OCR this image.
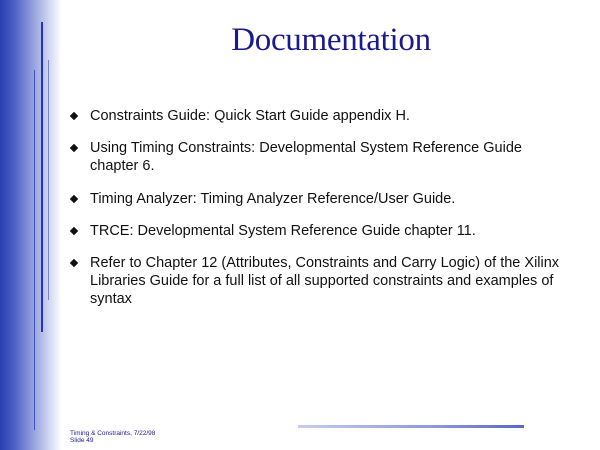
Documentation
Constraints Guide: Quick Start Guide appendix H.
Using Timing Constraints: Developmental System Reference Guide chapter 6.
Timing Analyzer: Timing Analyzer Reference/User Guide.
TRCE: Developmental System Reference Guide chapter 11.
Refer to Chapter 12 (Attributes, Constraints and Carry Logic) of the Xilinx Libraries Guide for a full list of all supported constraints and examples of syntax
Timing & Constraints, 7/22/98
Slide 49
